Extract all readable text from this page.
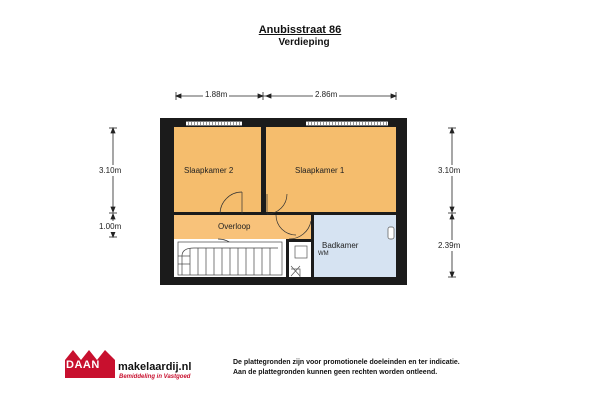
Anubisstraat 86
Verdieping
1.88m	2.86m
3.10m
1.00m
3.10m
2.39m
Slaapkamer 2	Slaapkamer 1
Overloop
Badkamer
WM
DAAN makelaardij.nl
Bemiddeling in Vastgoed
De plattegronden zijn voor promotionele doeleinden en ter indicatie.
Aan de plattegronden kunnen geen rechten worden ontleend.
